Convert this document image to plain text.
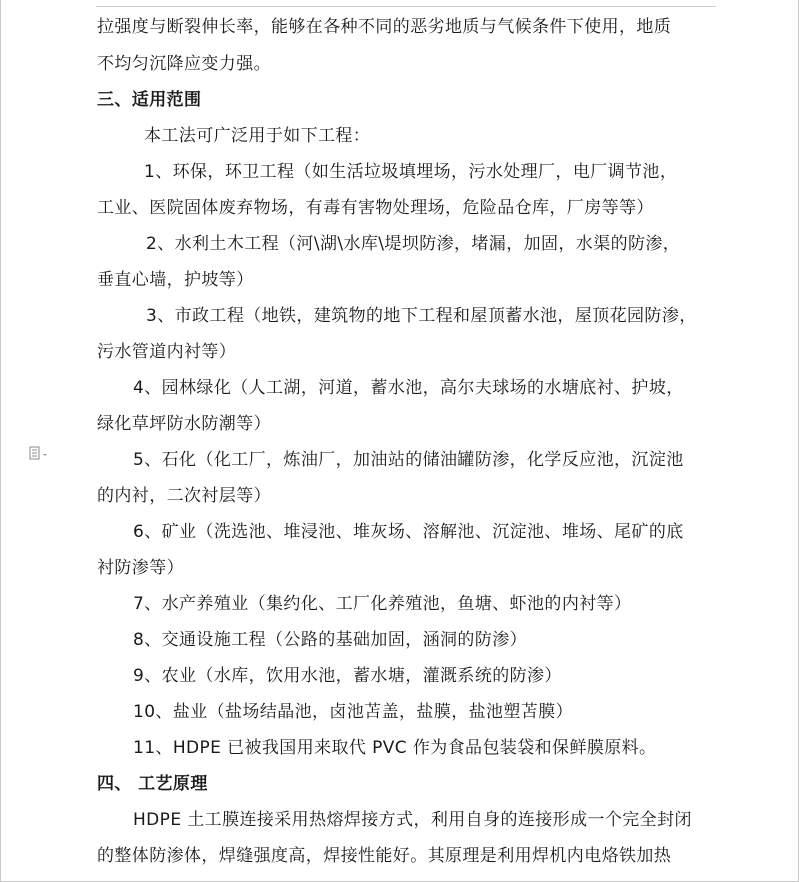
拉强度与断裂伸长率，能够在各种不同的恶劣地质与气候条件下使用，地质
不均匀沉降应变力强。
三、适用范围
本工法可广泛用于如下工程：
1、环保，环卫工程（如生活垃圾填埋场，污水处理厂，电厂调节池，
工业、医院固体废弃物场，有毒有害物处理场，危险品仓库，厂房等等）
2、水利土木工程（河\湖\水库\堤坝防渗，堵漏，加固，水渠的防渗，
垂直心墙，护坡等）
3、市政工程（地铁，建筑物的地下工程和屋顶蓄水池，屋顶花园防渗，
污水管道内衬等）
4、园林绿化（人工湖，河道，蓄水池，高尔夫球场的水塘底衬、护坡，
绿化草坪防水防潮等）
5、石化（化工厂，炼油厂，加油站的储油罐防渗，化学反应池，沉淀池
的内衬，二次衬层等）
6、矿业（洗选池、堆浸池、堆灰场、溶解池、沉淀池、堆场、尾矿的底
衬防渗等）
7、水产养殖业（集约化、工厂化养殖池，鱼塘、虾池的内衬等）
8、交通设施工程（公路的基础加固，涵洞的防渗）
9、农业（水库，饮用水池，蓄水塘，灌溉系统的防渗）
10、盐业（盐场结晶池，卤池苫盖，盐膜，盐池塑苫膜）
11、HDPE 已被我国用来取代 PVC 作为食品包装袋和保鲜膜原料。
四、 工艺原理
HDPE 土工膜连接采用热熔焊接方式，利用自身的连接形成一个完全封闭
的整体防渗体，焊缝强度高，焊接性能好。其原理是利用焊机内电烙铁加热
